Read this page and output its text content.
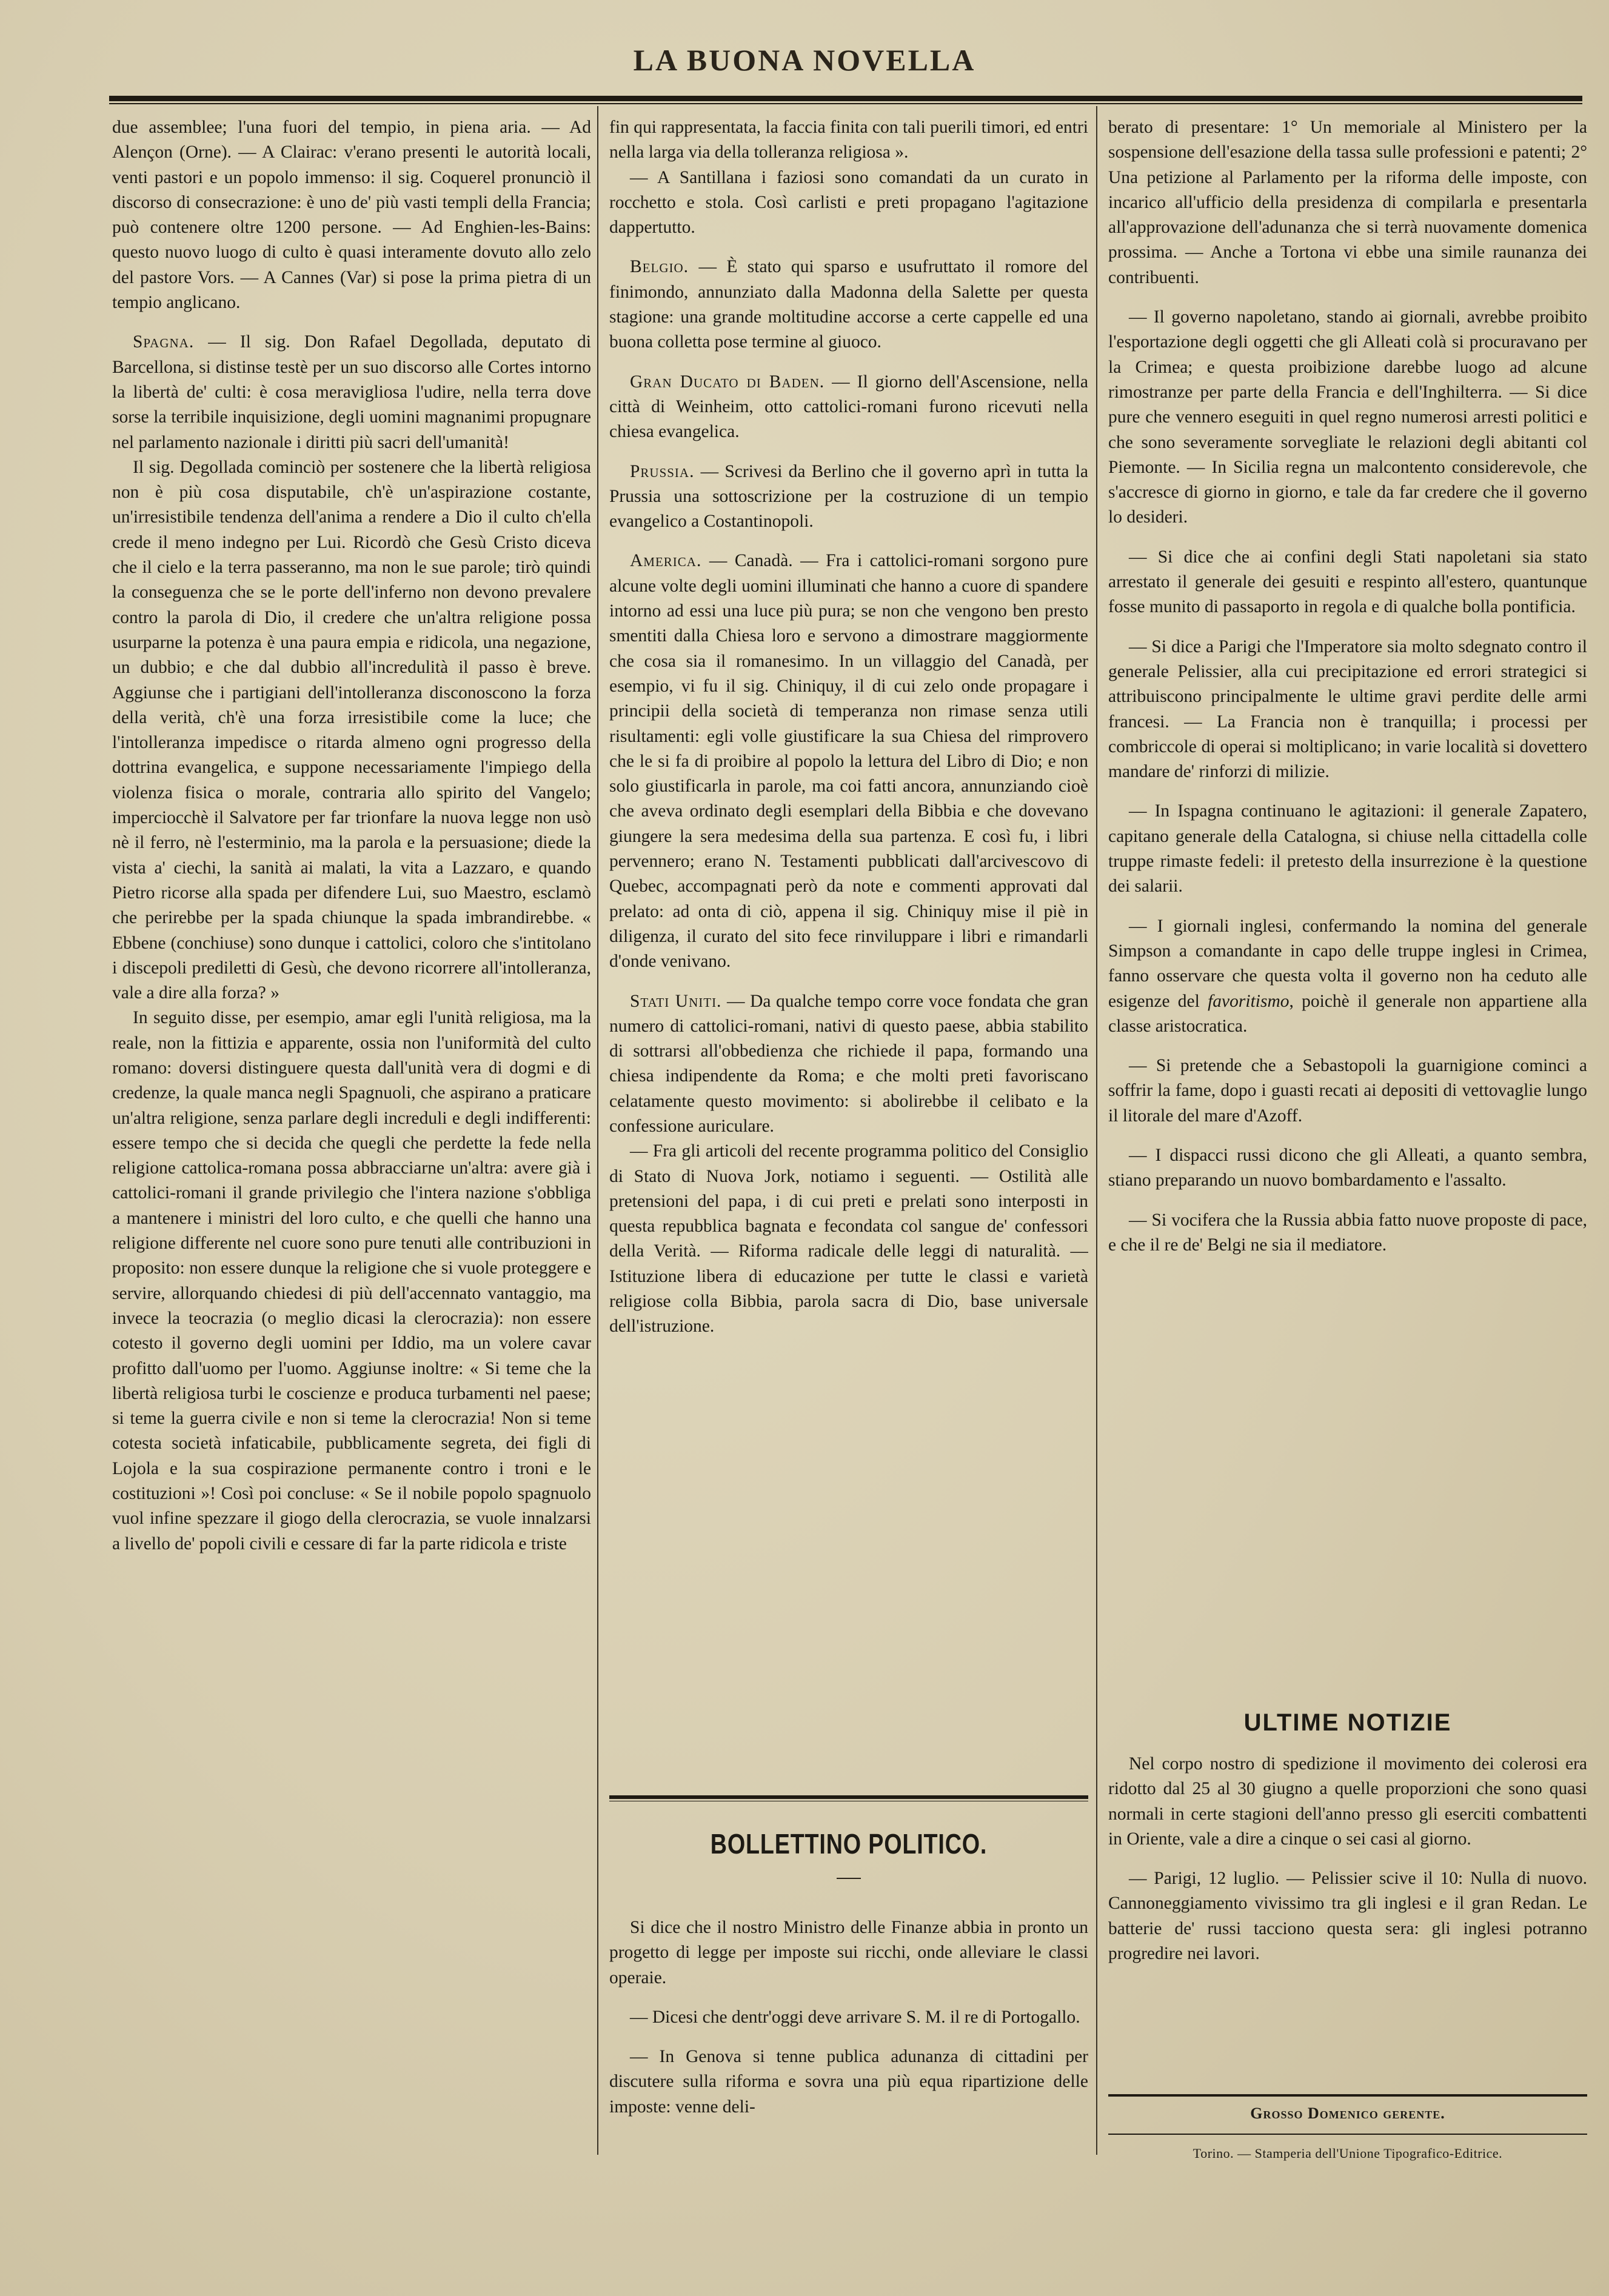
LA BUONA NOVELLA

due assemblee; l'una fuori del tempio, in piena aria. — Ad Alençon (Orne). — A Clairac: v'erano presenti le autorità locali, venti pastori e un popolo immenso: il sig. Coquerel pronunciò il discorso di consecrazione: è uno de' più vasti templi della Francia; può contenere oltre 1200 persone. — Ad Enghien-les-Bains: questo nuovo luogo di culto è quasi interamente dovuto allo zelo del pastore Vors. — A Cannes (Var) si pose la prima pietra di un tempio anglicano.

Spagna. — Il sig. Don Rafael Degollada, deputato di Barcellona, si distinse testè per un suo discorso alle Cortes intorno la libertà de' culti: è cosa meravigliosa l'udire, nella terra dove sorse la terribile inquisizione, degli uomini magnanimi propugnare nel parlamento nazionale i diritti più sacri dell'umanità!

Il sig. Degollada cominciò per sostenere che la libertà religiosa non è più cosa disputabile, ch'è un'aspirazione costante, un'irresistibile tendenza dell'anima a rendere a Dio il culto ch'ella crede il meno indegno per Lui. Ricordò che Gesù Cristo diceva che il cielo e la terra passeranno, ma non le sue parole; tirò quindi la conseguenza che se le porte dell'inferno non devono prevalere contro la parola di Dio, il credere che un'altra religione possa usurparne la potenza è una paura empia e ridicola, una negazione, un dubbio; e che dal dubbio all'incredulità il passo è breve. Aggiunse che i partigiani dell'intolleranza disconoscono la forza della verità, ch'è una forza irresistibile come la luce; che l'intolleranza impedisce o ritarda almeno ogni progresso della dottrina evangelica, e suppone necessariamente l'impiego della violenza fisica o morale, contraria allo spirito del Vangelo; imperciocchè il Salvatore per far trionfare la nuova legge non usò nè il ferro, nè l'esterminio, ma la parola e la persuasione; diede la vista a' ciechi, la sanità ai malati, la vita a Lazzaro, e quando Pietro ricorse alla spada per difendere Lui, suo Maestro, esclamò che perirebbe per la spada chiunque la spada imbrandirebbe. « Ebbene (conchiuse) sono dunque i cattolici, coloro che s'intitolano i discepoli prediletti di Gesù, che devono ricorrere all'intolleranza, vale a dire alla forza? »

In seguito disse, per esempio, amar egli l'unità religiosa, ma la reale, non la fittizia e apparente, ossia non l'uniformità del culto romano: doversi distinguere questa dall'unità vera di dogmi e di credenze, la quale manca negli Spagnuoli, che aspirano a praticare un'altra religione, senza parlare degli increduli e degli indifferenti: essere tempo che si decida che quegli che perdette la fede nella religione cattolica-romana possa abbracciarne un'altra: avere già i cattolici-romani il grande privilegio che l'intera nazione s'obbliga a mantenere i ministri del loro culto, e che quelli che hanno una religione differente nel cuore sono pure tenuti alle contribuzioni in proposito: non essere dunque la religione che si vuole proteggere e servire, allorquando chiedesi di più dell'accennato vantaggio, ma invece la teocrazia (o meglio dicasi la clerocrazia): non essere cotesto il governo degli uomini per Iddio, ma un volere cavar profitto dall'uomo per l'uomo. Aggiunse inoltre: « Si teme che la libertà religiosa turbi le coscienze e produca turbamenti nel paese; si teme la guerra civile e non si teme la clerocrazia! Non si teme cotesta società infaticabile, pubblicamente segreta, dei figli di Lojola e la sua cospirazione permanente contro i troni e le costituzioni »! Così poi concluse: « Se il nobile popolo spagnuolo vuol infine spezzare il giogo della clerocrazia, se vuole innalzarsi a livello de' popoli civili e cessare di far la parte ridicola e triste

fin qui rappresentata, la faccia finita con tali puerili timori, ed entri nella larga via della tolleranza religiosa ».

— A Santillana i faziosi sono comandati da un curato in rocchetto e stola. Così carlisti e preti propagano l'agitazione dappertutto.

Belgio. — È stato qui sparso e usufruttato il romore del finimondo, annunziato dalla Madonna della Salette per questa stagione: una grande moltitudine accorse a certe cappelle ed una buona colletta pose termine al giuoco.

Gran Ducato di Baden. — Il giorno dell'Ascensione, nella città di Weinheim, otto cattolici-romani furono ricevuti nella chiesa evangelica.

Prussia. — Scrivesi da Berlino che il governo aprì in tutta la Prussia una sottoscrizione per la costruzione di un tempio evangelico a Costantinopoli.

America. — Canadà. — Fra i cattolici-romani sorgono pure alcune volte degli uomini illuminati che hanno a cuore di spandere intorno ad essi una luce più pura; se non che vengono ben presto smentiti dalla Chiesa loro e servono a dimostrare maggiormente che cosa sia il romanesimo. In un villaggio del Canadà, per esempio, vi fu il sig. Chiniquy, il di cui zelo onde propagare i principii della società di temperanza non rimase senza utili risultamenti: egli volle giustificare la sua Chiesa del rimprovero che le si fa di proibire al popolo la lettura del Libro di Dio; e non solo giustificarla in parole, ma coi fatti ancora, annunziando cioè che aveva ordinato degli esemplari della Bibbia e che dovevano giungere la sera medesima della sua partenza. E così fu, i libri pervennero; erano N. Testamenti pubblicati dall'arcivescovo di Quebec, accompagnati però da note e commenti approvati dal prelato: ad onta di ciò, appena il sig. Chiniquy mise il piè in diligenza, il curato del sito fece rinviluppare i libri e rimandarli d'onde venivano.

Stati Uniti. — Da qualche tempo corre voce fondata che gran numero di cattolici-romani, nativi di questo paese, abbia stabilito di sottrarsi all'obbedienza che richiede il papa, formando una chiesa indipendente da Roma; e che molti preti favoriscano celatamente questo movimento: si abolirebbe il celibato e la confessione auriculare.

— Fra gli articoli del recente programma politico del Consiglio di Stato di Nuova Jork, notiamo i seguenti. — Ostilità alle pretensioni del papa, i di cui preti e prelati sono interposti in questa repubblica bagnata e fecondata col sangue de' confessori della Verità. — Riforma radicale delle leggi di naturalità. — Istituzione libera di educazione per tutte le classi e varietà religiose colla Bibbia, parola sacra di Dio, base universale dell'istruzione.

BOLLETTINO POLITICO.

Si dice che il nostro Ministro delle Finanze abbia in pronto un progetto di legge per imposte sui ricchi, onde alleviare le classi operaie.

— Dicesi che dentr'oggi deve arrivare S. M. il re di Portogallo.

— In Genova si tenne publica adunanza di cittadini per discutere sulla riforma e sovra una più equa ripartizione delle imposte: venne deli-

berato di presentare: 1° Un memoriale al Ministero per la sospensione dell'esazione della tassa sulle professioni e patenti; 2° Una petizione al Parlamento per la riforma delle imposte, con incarico all'ufficio della presidenza di compilarla e presentarla all'approvazione dell'adunanza che si terrà nuovamente domenica prossima. — Anche a Tortona vi ebbe una simile raunanza dei contribuenti.

— Il governo napoletano, stando ai giornali, avrebbe proibito l'esportazione degli oggetti che gli Alleati colà si procuravano per la Crimea; e questa proibizione darebbe luogo ad alcune rimostranze per parte della Francia e dell'Inghilterra. — Si dice pure che vennero eseguiti in quel regno numerosi arresti politici e che sono severamente sorvegliate le relazioni degli abitanti col Piemonte. — In Sicilia regna un malcontento considerevole, che s'accresce di giorno in giorno, e tale da far credere che il governo lo desideri.

— Si dice che ai confini degli Stati napoletani sia stato arrestato il generale dei gesuiti e respinto all'estero, quantunque fosse munito di passaporto in regola e di qualche bolla pontificia.

— Si dice a Parigi che l'Imperatore sia molto sdegnato contro il generale Pelissier, alla cui precipitazione ed errori strategici si attribuiscono principalmente le ultime gravi perdite delle armi francesi. — La Francia non è tranquilla; i processi per combriccole di operai si moltiplicano; in varie località si dovettero mandare de' rinforzi di milizie.

— In Ispagna continuano le agitazioni: il generale Zapatero, capitano generale della Catalogna, si chiuse nella cittadella colle truppe rimaste fedeli: il pretesto della insurrezione è la questione dei salarii.

— I giornali inglesi, confermando la nomina del generale Simpson a comandante in capo delle truppe inglesi in Crimea, fanno osservare che questa volta il governo non ha ceduto alle esigenze del favoritismo, poichè il generale non appartiene alla classe aristocratica.

— Si pretende che a Sebastopoli la guarnigione cominci a soffrir la fame, dopo i guasti recati ai depositi di vettovaglie lungo il litorale del mare d'Azoff.

— I dispacci russi dicono che gli Alleati, a quanto sembra, stiano preparando un nuovo bombardamento e l'assalto.

— Si vocifera che la Russia abbia fatto nuove proposte di pace, e che il re de' Belgi ne sia il mediatore.

ULTIME NOTIZIE

Nel corpo nostro di spedizione il movimento dei colerosi era ridotto dal 25 al 30 giugno a quelle proporzioni che sono quasi normali in certe stagioni dell'anno presso gli eserciti combattenti in Oriente, vale a dire a cinque o sei casi al giorno.

— Parigi, 12 luglio. — Pelissier scive il 10: Nulla di nuovo. Cannoneggiamento vivissimo tra gli inglesi e il gran Redan. Le batterie de' russi tacciono questa sera: gli inglesi potranno progredire nei lavori.

Grosso Domenico gerente.
Torino. — Stamperia dell'Unione Tipografico-Editrice.
